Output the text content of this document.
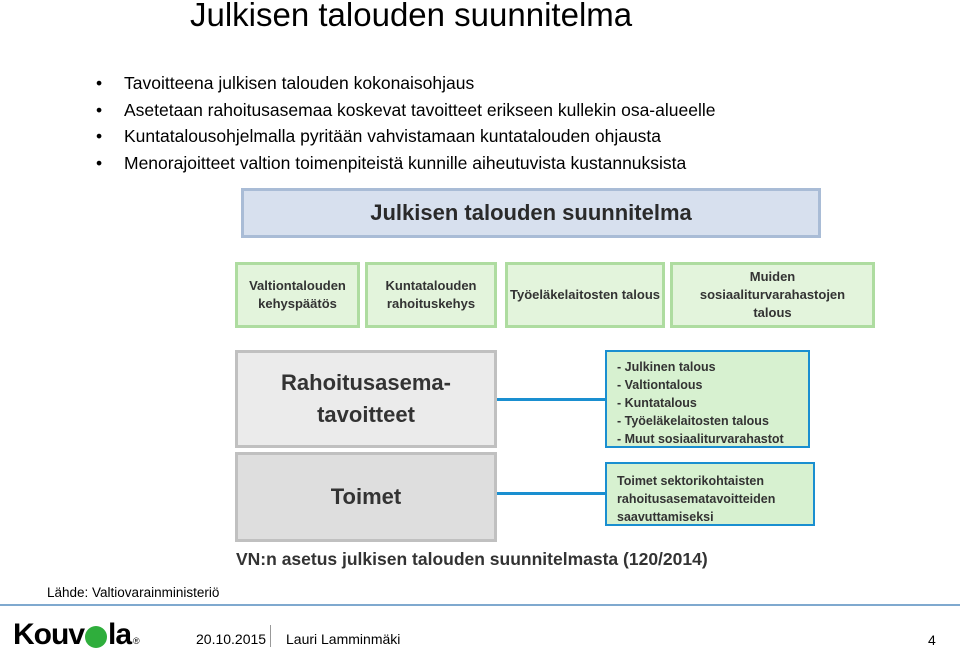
Julkisen talouden suunnitelma
• Tavoitteena julkisen talouden kokonaisohjaus
• Asetetaan rahoitusasemaa koskevat tavoitteet erikseen kullekin osa-alueelle
• Kuntatalousohjelmalla pyritään vahvistamaan kuntatalouden ohjausta
• Menorajoitteet valtion toimenpiteistä kunnille aiheutuvista kustannuksista
Julkisen talouden suunnitelma
Valtiontalouden kehyspäätös
Kuntatalouden rahoituskehys
Työeläkelaitosten talous
Muiden sosiaaliturvarahastojen talous
Rahoitusasema-tavoitteet
Toimet
- Julkinen talous
- Valtiontalous
- Kuntatalous
- Työeläkelaitosten talous
- Muut sosiaaliturvarahastot
Toimet sektorikohtaisten rahoitusasematavoitteiden saavuttamiseksi
VN:n asetus julkisen talouden suunnitelmasta (120/2014)
Lähde: Valtiovarainministeriö
Kouv la ®	20.10.2015 Lauri Lamminmäki	4
